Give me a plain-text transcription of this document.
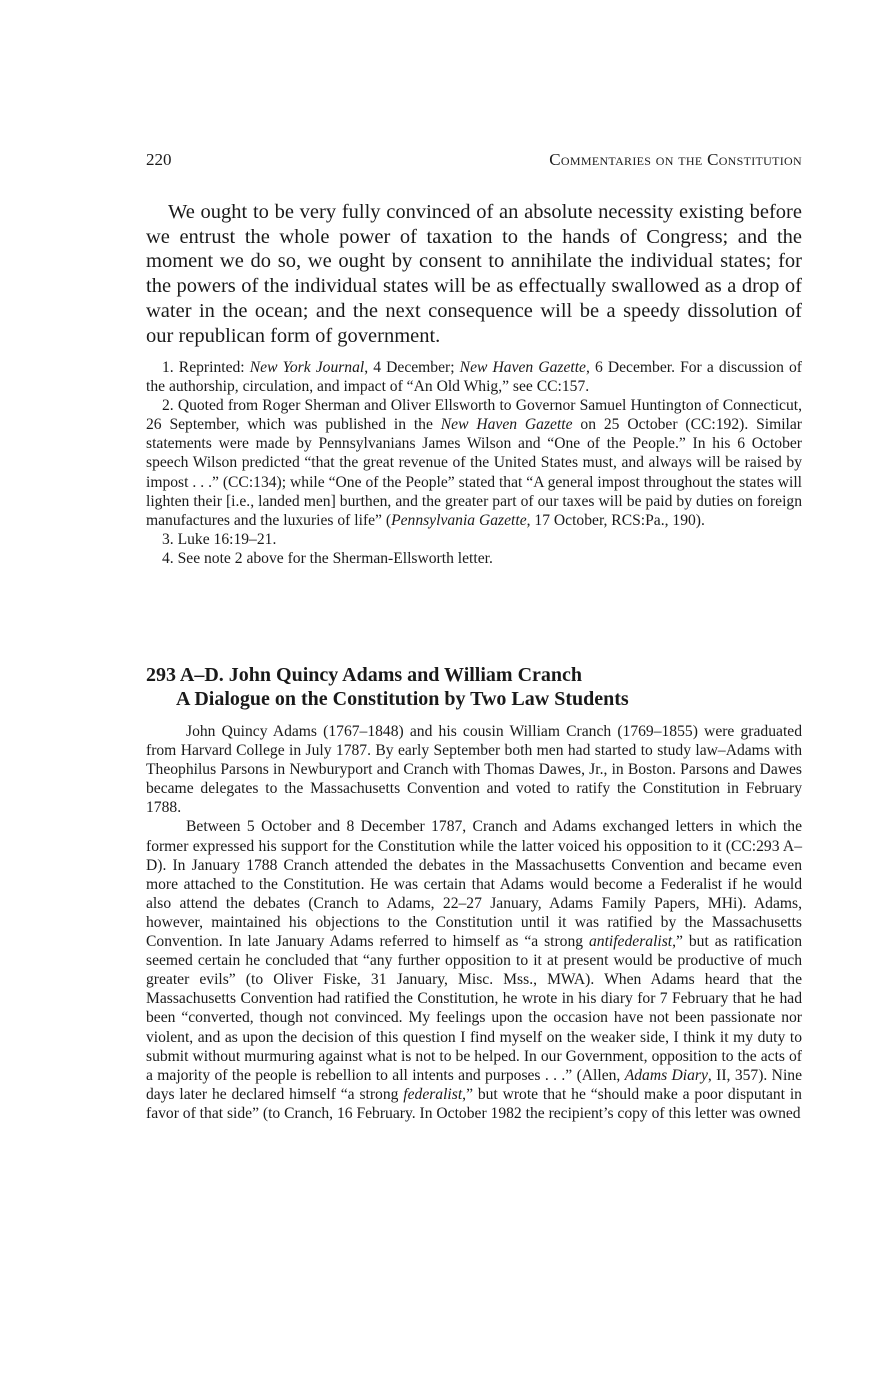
220	Commentaries on the Constitution

We ought to be very fully convinced of an absolute necessity existing before we entrust the whole power of taxation to the hands of Congress; and the moment we do so, we ought by consent to annihilate the individual states; for the powers of the individual states will be as effectually swallowed as a drop of water in the ocean; and the next consequence will be a speedy dissolution of our republican form of government.

1. Reprinted: New York Journal, 4 December; New Haven Gazette, 6 December. For a discussion of the authorship, circulation, and impact of “An Old Whig,” see CC:157.

2. Quoted from Roger Sherman and Oliver Ellsworth to Governor Samuel Huntington of Connecticut, 26 September, which was published in the New Haven Gazette on 25 October (CC:192). Similar statements were made by Pennsylvanians James Wilson and “One of the People.” In his 6 October speech Wilson predicted “that the great revenue of the United States must, and always will be raised by impost . . .” (CC:134); while “One of the People” stated that “A general impost throughout the states will lighten their [i.e., landed men] burthen, and the greater part of our taxes will be paid by duties on foreign manufactures and the luxuries of life” (Pennsylvania Gazette, 17 October, RCS:Pa., 190).

3. Luke 16:19–21.

4. See note 2 above for the Sherman-Ellsworth letter.

293 A–D. John Quincy Adams and William Cranch
A Dialogue on the Constitution by Two Law Students

John Quincy Adams (1767–1848) and his cousin William Cranch (1769–1855) were graduated from Harvard College in July 1787. By early September both men had started to study law–Adams with Theophilus Parsons in Newburyport and Cranch with Thomas Dawes, Jr., in Boston. Parsons and Dawes became delegates to the Massachusetts Convention and voted to ratify the Constitution in February 1788.

Between 5 October and 8 December 1787, Cranch and Adams exchanged letters in which the former expressed his support for the Constitution while the latter voiced his opposition to it (CC:293 A–D). In January 1788 Cranch attended the debates in the Massachusetts Convention and became even more attached to the Constitution. He was certain that Adams would become a Federalist if he would also attend the debates (Cranch to Adams, 22–27 January, Adams Family Papers, MHi). Adams, however, maintained his objections to the Constitution until it was ratified by the Massachusetts Convention. In late January Adams referred to himself as “a strong antifederalist,” but as ratification seemed certain he concluded that “any further opposition to it at present would be productive of much greater evils” (to Oliver Fiske, 31 January, Misc. Mss., MWA). When Adams heard that the Massachusetts Convention had ratified the Constitution, he wrote in his diary for 7 February that he had been “converted, though not convinced. My feelings upon the occasion have not been passionate nor violent, and as upon the decision of this question I find myself on the weaker side, I think it my duty to submit without murmuring against what is not to be helped. In our Government, opposition to the acts of a majority of the people is rebellion to all intents and purposes . . .” (Allen, Adams Diary, II, 357). Nine days later he declared himself “a strong federalist,” but wrote that he “should make a poor disputant in favor of that side” (to Cranch, 16 February. In October 1982 the recipient’s copy of this letter was owned
